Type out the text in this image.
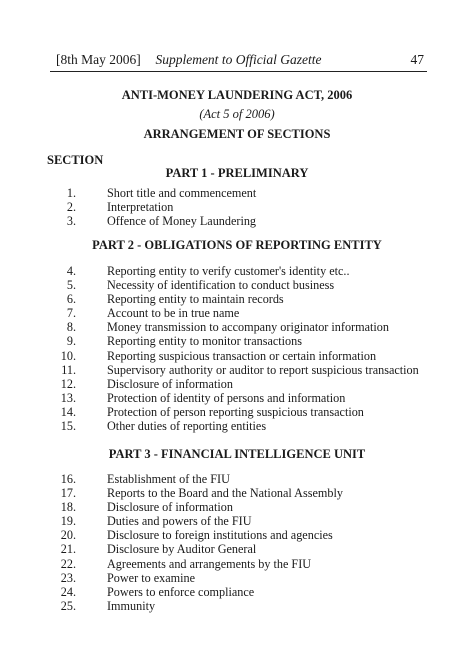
[8th May 2006]	Supplement to Official Gazette	47
ANTI-MONEY LAUNDERING ACT, 2006
(Act 5 of 2006)
ARRANGEMENT OF SECTIONS
SECTION
PART 1 - PRELIMINARY
1.	Short title and commencement
2.	Interpretation
3.	Offence of Money Laundering
PART 2 - OBLIGATIONS OF REPORTING ENTITY
4.	Reporting entity to verify customer's identity etc..
5.	Necessity of identification to conduct business
6.	Reporting entity to maintain records
7.	Account to be in true name
8.	Money transmission to accompany originator information
9.	Reporting entity to monitor transactions
10.	Reporting suspicious transaction or certain information
11.	Supervisory authority or auditor to report suspicious transaction
12.	Disclosure of information
13.	Protection of identity of persons and information
14.	Protection of person reporting suspicious transaction
15.	Other duties of reporting entities
PART 3 - FINANCIAL INTELLIGENCE UNIT
16.	Establishment of the FIU
17.	Reports to the Board and the National Assembly
18.	Disclosure of information
19.	Duties and powers of the FIU
20.	Disclosure to foreign institutions and agencies
21.	Disclosure by Auditor General
22.	Agreements and arrangements by the FIU
23.	Power to examine
24.	Powers to enforce compliance
25.	Immunity
